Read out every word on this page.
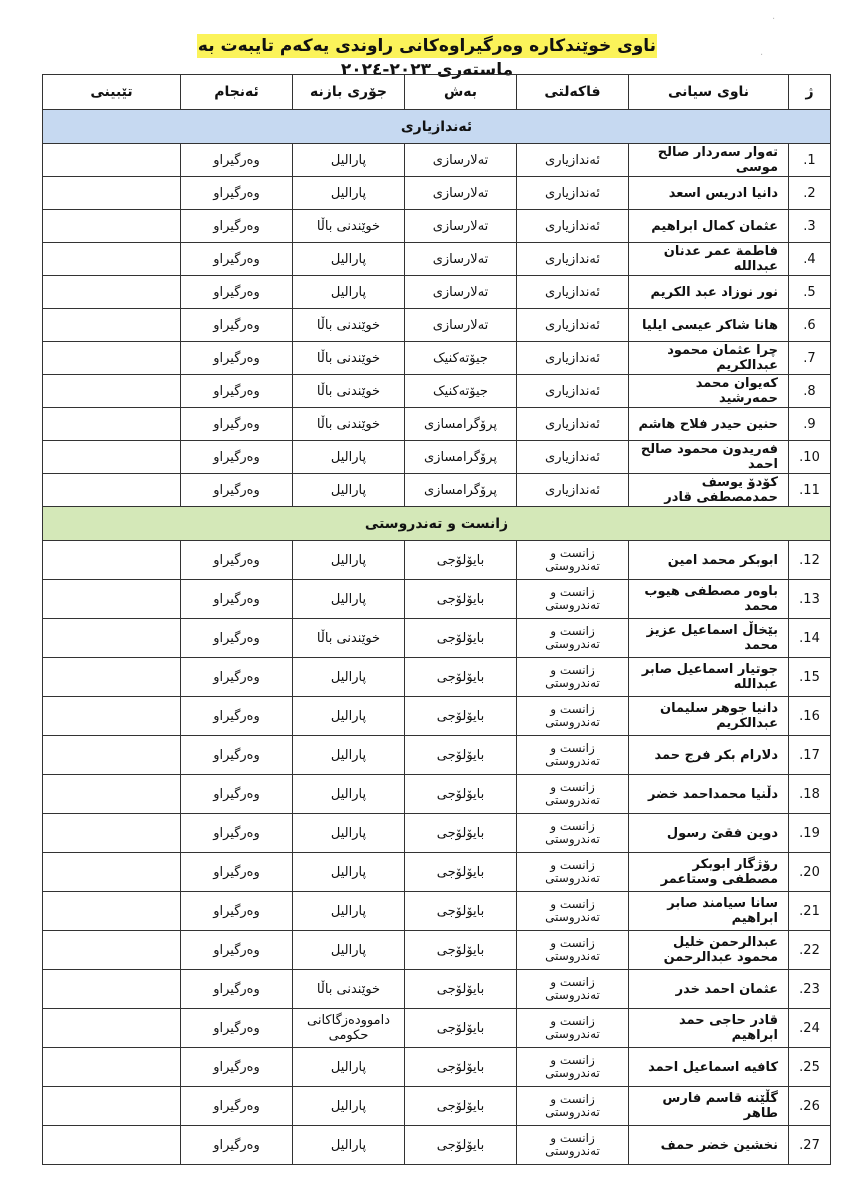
ناوی خوێندکارە وەرگیراوەکانی راوندی یەکەم تایبەت بە ماستەری ٢٠٢٣-٢٠٢٤
·
·
ژ	ناوی سیانی	فاکەلتی	بەش	جۆری بازنە	ئەنجام	تێبینی
ئەندازیاری						
1.	تەوار سەردار صالح موسی	ئەندازیاری	تەلارسازی	پارالیل	وەرگیراو	
2.	دانیا ادریس اسعد	ئەندازیاری	تەلارسازی	پارالیل	وەرگیراو	
3.	عثمان کمال ابراهیم	ئەندازیاری	تەلارسازی	خوێندنی باڵا	وەرگیراو	
4.	فاطمة عمر عدنان عبدالله	ئەندازیاری	تەلارسازی	پارالیل	وەرگیراو	
5.	نور نوزاد عبد الكريم	ئەندازیاری	تەلارسازی	پارالیل	وەرگیراو	
6.	هانا شاكر عیسی ایلیا	ئەندازیاری	تەلارسازی	خوێندنی باڵا	وەرگیراو	
7.	چرا عثمان محمود عبدالكريم	ئەندازیاری	جیۆتەکنیک	خوێندنی باڵا	وەرگیراو	
8.	کەیوان محمد حمەرشید	ئەندازیاری	جیۆتەکنیک	خوێندنی باڵا	وەرگیراو	
9.	حنین حیدر فلاح هاشم	ئەندازیاری	پرۆگرامسازی	خوێندنی باڵا	وەرگیراو	
10.	فەریدون محمود صالح احمد	ئەندازیاری	پرۆگرامسازی	پارالیل	وەرگیراو	
11.	کۆدۆ یوسف حمدمصطفی قادر	ئەندازیاری	پرۆگرامسازی	پارالیل	وەرگیراو	
زانست و تەندروستی						
12.	ابوبکر محمد امین	زانست و تەندروستی	بایۆلۆجی	پارالیل	وەرگیراو	
13.	باوەر مصطفی هیوب محمد	زانست و تەندروستی	بایۆلۆجی	پارالیل	وەرگیراو	
14.	بێخاڵ اسماعیل عزیز محمد	زانست و تەندروستی	بایۆلۆجی	خوێندنی باڵا	وەرگیراو	
15.	جوتیار اسماعیل صابر عبدالله	زانست و تەندروستی	بایۆلۆجی	پارالیل	وەرگیراو	
16.	دانیا جوهر سلیمان عبدالكريم	زانست و تەندروستی	بایۆلۆجی	پارالیل	وەرگیراو	
17.	دلارام بکر فرج حمد	زانست و تەندروستی	بایۆلۆجی	پارالیل	وەرگیراو	
18.	دڵنیا محمداحمد خضر	زانست و تەندروستی	بایۆلۆجی	پارالیل	وەرگیراو	
19.	دوین فقێ رسول	زانست و تەندروستی	بایۆلۆجی	پارالیل	وەرگیراو	
20.	رۆژگار ابوبکر مصطفی وستاعمر	زانست و تەندروستی	بایۆلۆجی	پارالیل	وەرگیراو	
21.	سانا سیامند صابر ابراهیم	زانست و تەندروستی	بایۆلۆجی	پارالیل	وەرگیراو	
22.	عبدالرحمن خلیل محمود عبدالرحمن	زانست و تەندروستی	بایۆلۆجی	پارالیل	وەرگیراو	
23.	عثمان احمد خدر	زانست و تەندروستی	بایۆلۆجی	خوێندنی باڵا	وەرگیراو	
24.	قادر حاجی حمد ابراهیم	زانست و تەندروستی	بایۆلۆجی	داموودەزگاکانی حکومی	وەرگیراو	
25.	کافیە اسماعیل احمد	زانست و تەندروستی	بایۆلۆجی	پارالیل	وەرگیراو	
26.	گڵێنە قاسم فارس طاهر	زانست و تەندروستی	بایۆلۆجی	پارالیل	وەرگیراو	
27.	نخشین خضر حمف	زانست و تەندروستی	بایۆلۆجی	پارالیل	وەرگیراو	
